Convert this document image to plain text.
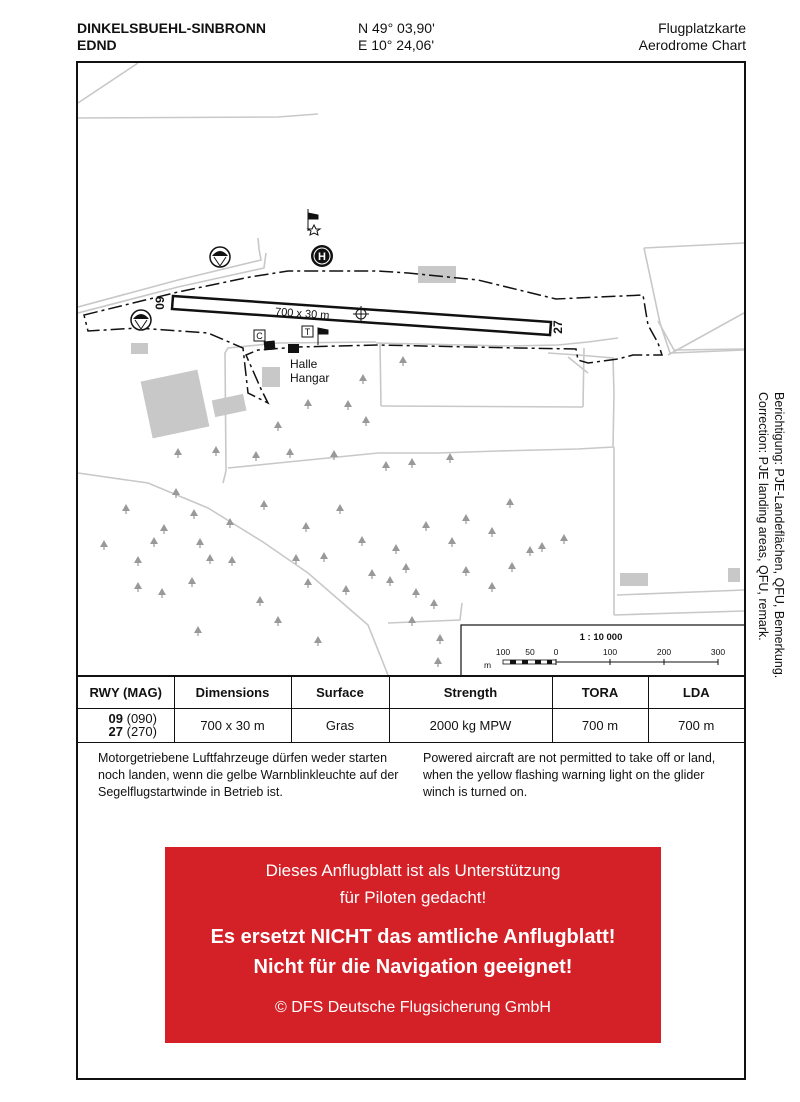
DINKELSBUEHL-SINBRONN
EDND
N 49° 03,90'
E 10° 24,06'
Flugplatzkarte
Aerodrome Chart
700 x 30 m
09
27
H
C	T
Halle
Hangar
1 : 10 000
100 50 0	100	200	300
m
RWY (MAG)	Dimensions	Surface	Strength	TORA	LDA

09 (090)
27 (270)	700 x 30 m	Gras	2000 kg MPW	700 m	700 m
Motorgetriebene Luftfahrzeuge dürfen weder starten noch landen, wenn die gelbe Warnblinkleuchte auf der Segelflugstartwinde in Betrieb ist.
Powered aircraft are not permitted to take off or land, when the yellow flashing warning light on the glider winch is turned on.
Dieses Anflugblatt ist als Unterstützung
für Piloten gedacht!
Es ersetzt NICHT das amtliche Anflugblatt!
Nicht für die Navigation geeignet!
© DFS Deutsche Flugsicherung GmbH
Berichtigung: PJE-Landeflächen, QFU, Bemerkung.
Correction: PJE landing areas, QFU, remark.
